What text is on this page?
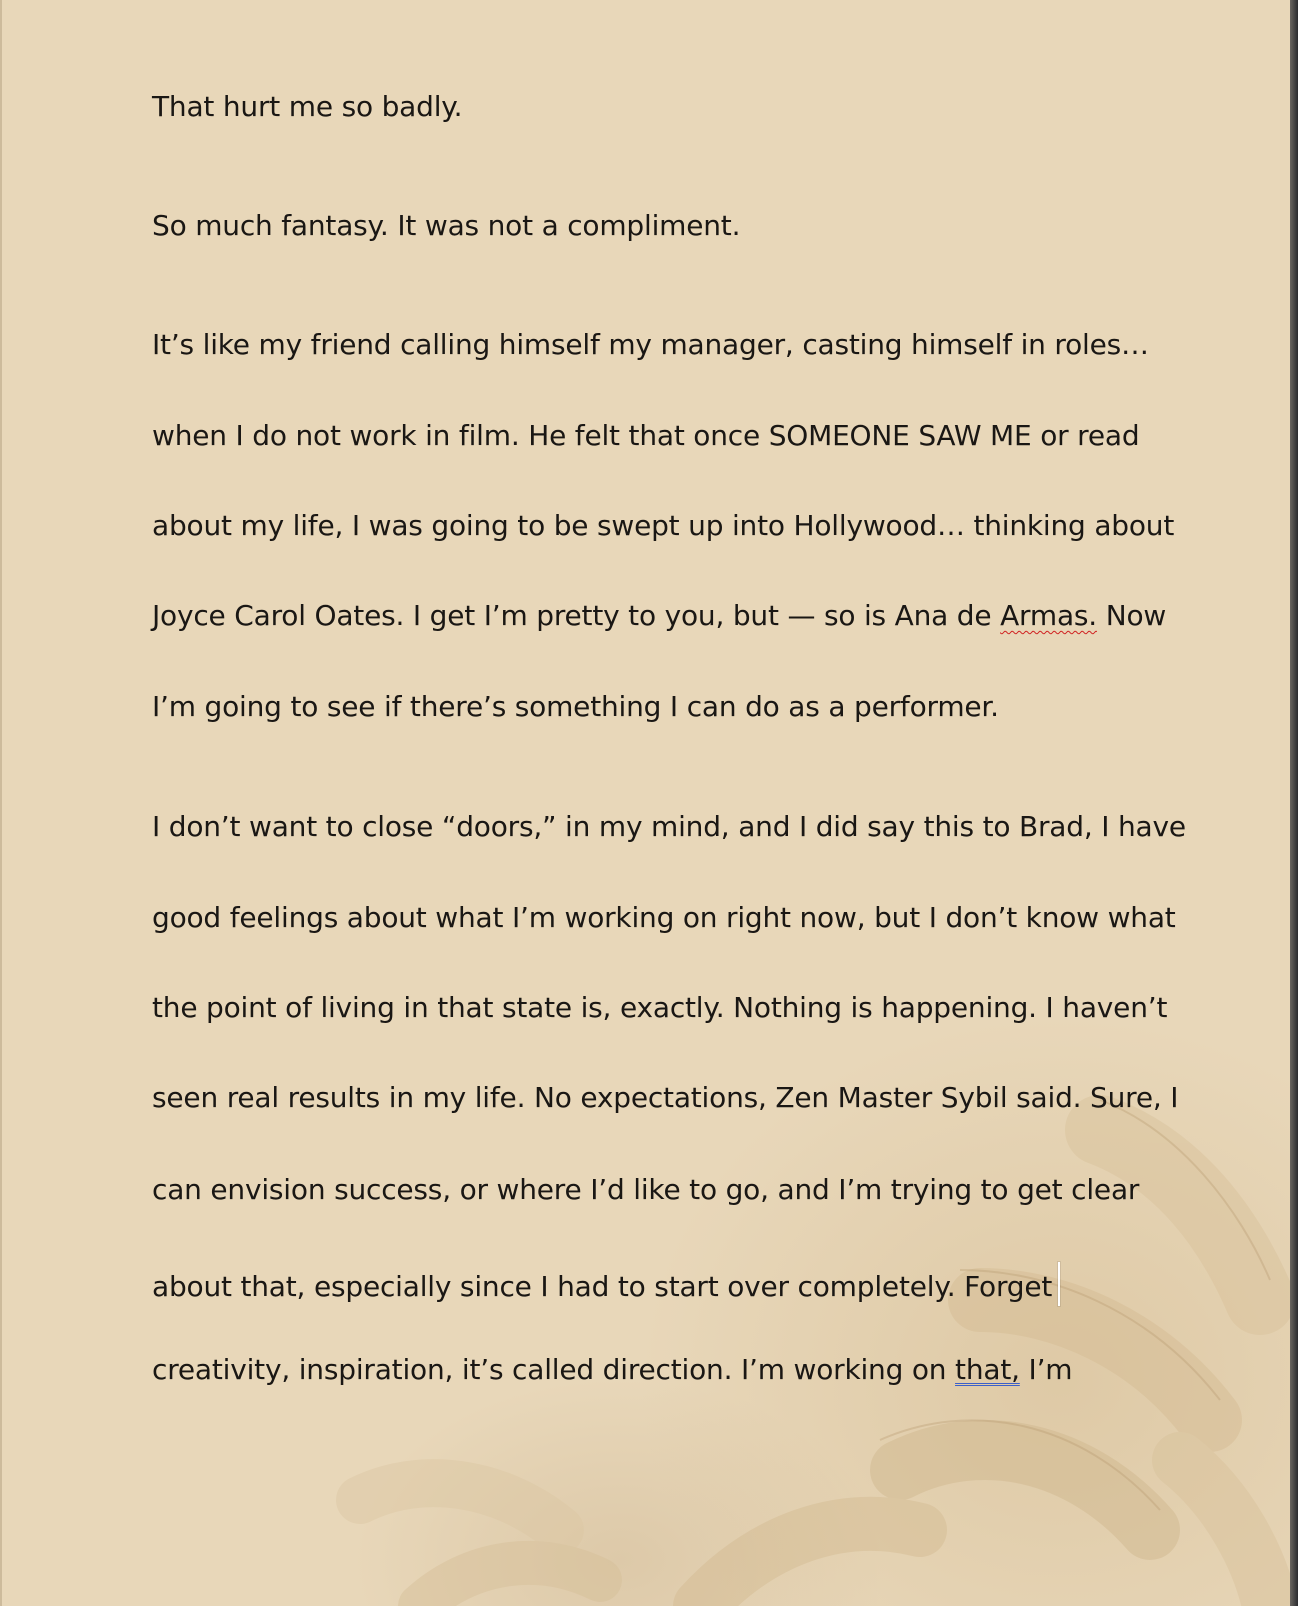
That hurt me so badly.
So much fantasy. It was not a compliment.
It’s like my friend calling himself my manager, casting himself in roles…
when I do not work in film. He felt that once SOMEONE SAW ME or read
about my life, I was going to be swept up into Hollywood… thinking about
Joyce Carol Oates. I get I’m pretty to you, but — so is Ana de Armas. Now
I’m going to see if there’s something I can do as a performer.
I don’t want to close “doors,” in my mind, and I did say this to Brad, I have
good feelings about what I’m working on right now, but I don’t know what
the point of living in that state is, exactly. Nothing is happening. I haven’t
seen real results in my life. No expectations, Zen Master Sybil said. Sure, I
can envision success, or where I’d like to go, and I’m trying to get clear
about that, especially since I had to start over completely. Forget
creativity, inspiration, it’s called direction. I’m working on that, I’m
